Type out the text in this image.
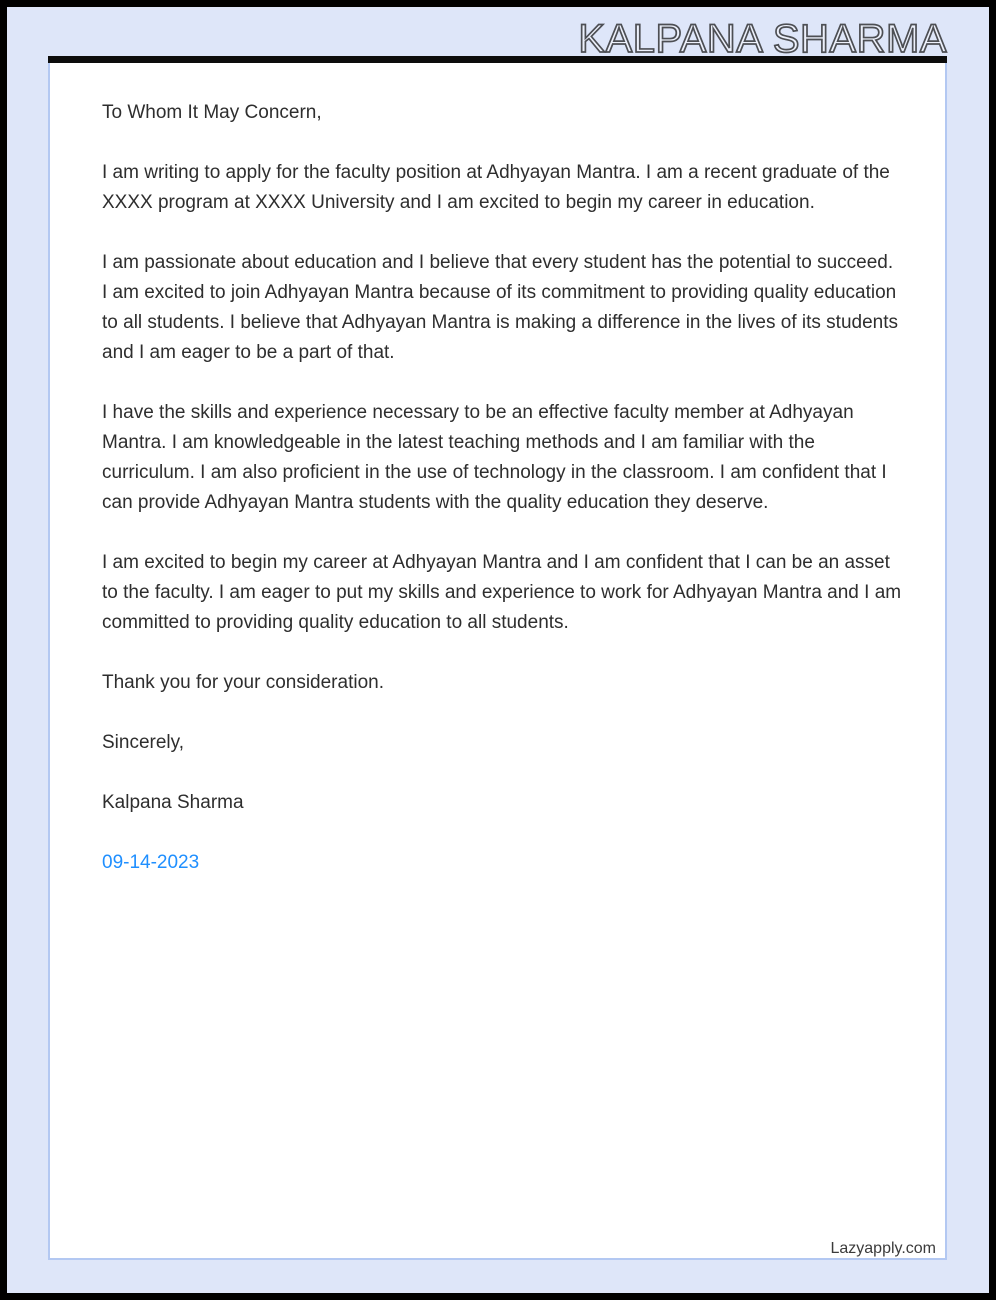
KALPANA SHARMA

To Whom It May Concern,

I am writing to apply for the faculty position at Adhyayan Mantra. I am a recent graduate of the XXXX program at XXXX University and I am excited to begin my career in education.

I am passionate about education and I believe that every student has the potential to succeed. I am excited to join Adhyayan Mantra because of its commitment to providing quality education to all students. I believe that Adhyayan Mantra is making a difference in the lives of its students and I am eager to be a part of that.

I have the skills and experience necessary to be an effective faculty member at Adhyayan Mantra. I am knowledgeable in the latest teaching methods and I am familiar with the curriculum. I am also proficient in the use of technology in the classroom. I am confident that I can provide Adhyayan Mantra students with the quality education they deserve.

I am excited to begin my career at Adhyayan Mantra and I am confident that I can be an asset to the faculty. I am eager to put my skills and experience to work for Adhyayan Mantra and I am committed to providing quality education to all students.

Thank you for your consideration.

Sincerely,

Kalpana Sharma

09-14-2023

Lazyapply.com
